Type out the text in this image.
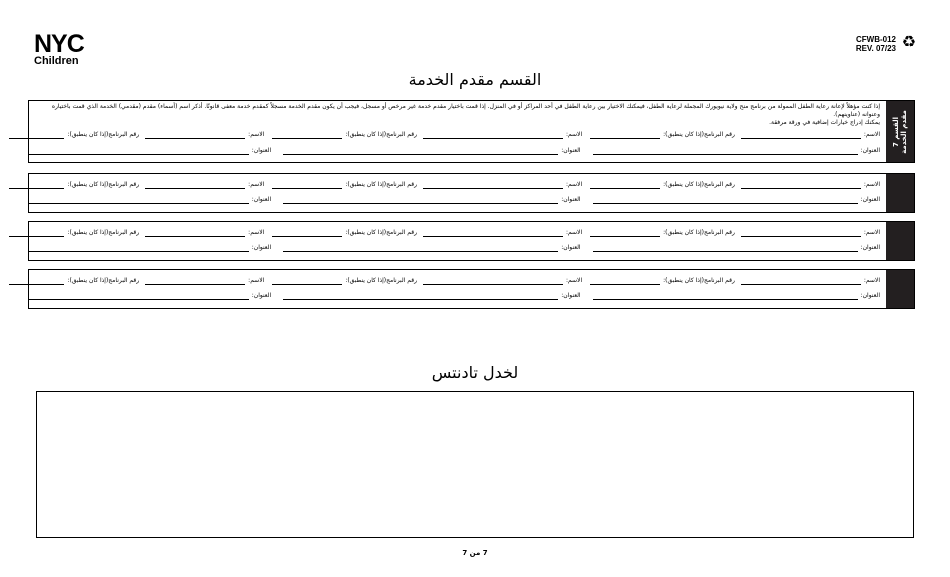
NYC
Children
CFWB-012
REV. 07/23 ♻
القسم مقدم الخدمة
القسم 7 مقدم الخدمة
إذا كنت مؤهلاً لإعانة رعاية الطفل الممولة من برنامج منح ولاية نيويورك المجملة لرعاية الطفل، فيمكنك الاختيار بين رعاية الطفل في أحد المراكز أو في المنزل. إذا قمت باختيار مقدم خدمة غير مرخص أو مسجل، فيجب أن يكون مقدم الخدمة مسجلاً كمقدم خدمة معفى قانونًا. أذكر اسم (أسماء) مقدم (مقدمي) الخدمة الذي قمت باختياره وعنوانه (عناوينهم).
يمكنك إدراج خيارات إضافية في ورقة مرفقة.
الاسم:
رقم البرنامج(إذا كان ينطبق):
الاسم:
رقم البرنامج(إذا كان ينطبق):
الاسم:
رقم البرنامج(إذا كان ينطبق):
العنوان:
العنوان:
العنوان:
الاسم:
رقم البرنامج(إذا كان ينطبق):
الاسم:
رقم البرنامج(إذا كان ينطبق):
الاسم:
رقم البرنامج(إذا كان ينطبق):
العنوان:
العنوان:
العنوان:
الاسم:
رقم البرنامج(إذا كان ينطبق):
الاسم:
رقم البرنامج(إذا كان ينطبق):
الاسم:
رقم البرنامج(إذا كان ينطبق):
العنوان:
العنوان:
العنوان:
الاسم:
رقم البرنامج(إذا كان ينطبق):
الاسم:
رقم البرنامج(إذا كان ينطبق):
الاسم:
رقم البرنامج(إذا كان ينطبق):
العنوان:
العنوان:
العنوان:
لخدل تادنتس
7 من 7
